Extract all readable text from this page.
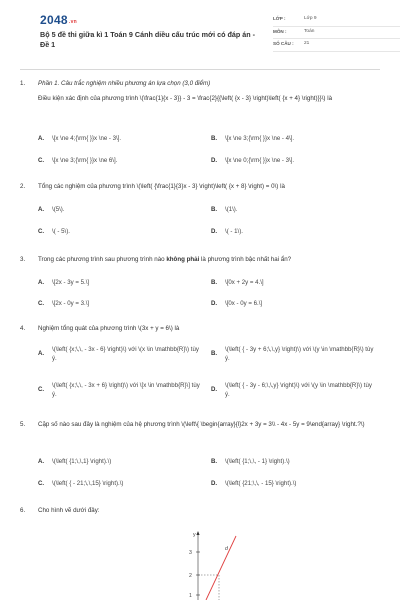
2048.vn
Bộ 5 đề thi giữa kì 1 Toán 9 Cánh diều cấu trúc mới có đáp án - Đề 1
LỚP :	Lớp 9
MÔN :	Toán
SỐ CÂU :	21
1. Phần 1. Câu trắc nghiệm nhiều phương án lựa chọn (3,0 điểm)
Điều kiện xác định của phương trình \(\frac{1}{x - 3}} - 3 = \frac{2}{{\left( {x - 3} \right)\left( {x + 4} \right)}}\) là
A. \[x \ne 4;{\rm{ }}x \ne - 3\].	B. \[x \ne 3;{\rm{ }}x \ne - 4\].
C. \[x \ne 3;{\rm{ }}x \ne 6\].	D. \[x \ne 0;{\rm{ }}x \ne - 3\].
2. Tổng các nghiệm của phương trình \(\left( {\frac{1}{3}x - 3} \right)\left( {x + 8} \right) = 0\) là
A. \(5\).	B. \(1\).
C. \( - 5\).	D. \( - 1\).
3. Trong các phương trình sau phương trình nào không phải là phương trình bậc nhất hai ẩn?
A. \[2x - 3y = 5.\]	B. \[0x + 2y = 4.\]
C. \[2x - 0y = 3.\]	D. \[0x - 0y = 6.\]
4. Nghiệm tổng quát của phương trình \(3x + y = 6\) là
A.
\(\left( {x;\,\, - 3x - 6} \right)\) với \(x \in \mathbb{R}\) tùy ý.
B.
\(\left( { - 3y + 6;\,\,y} \right)\) với \(y \in \mathbb{R}\) tùy ý.
C.
\(\left( {x;\,\, - 3x + 6} \right)\) với \[x \in \mathbb{R}\] tùy ý.
D.
\(\left( { - 3y - 6;\,\,y} \right)\) với \(y \in \mathbb{R}\) tùy ý.
5. Cặp số nào sau đây là nghiệm của hệ phương trình \(\left\{ \begin{array}{l}2x + 3y = 3\\ - 4x - 5y = 9\end{array} \right.?\)
A. \(\left( {1;\,\,1} \right).\)	B. \(\left( {1;\,\, - 1} \right).\)
C. \(\left( { - 21;\,\,15} \right).\)	D. \(\left( {21;\,\, - 15} \right).\)
6. Cho hình vẽ dưới đây:
y
3
2
1
d
